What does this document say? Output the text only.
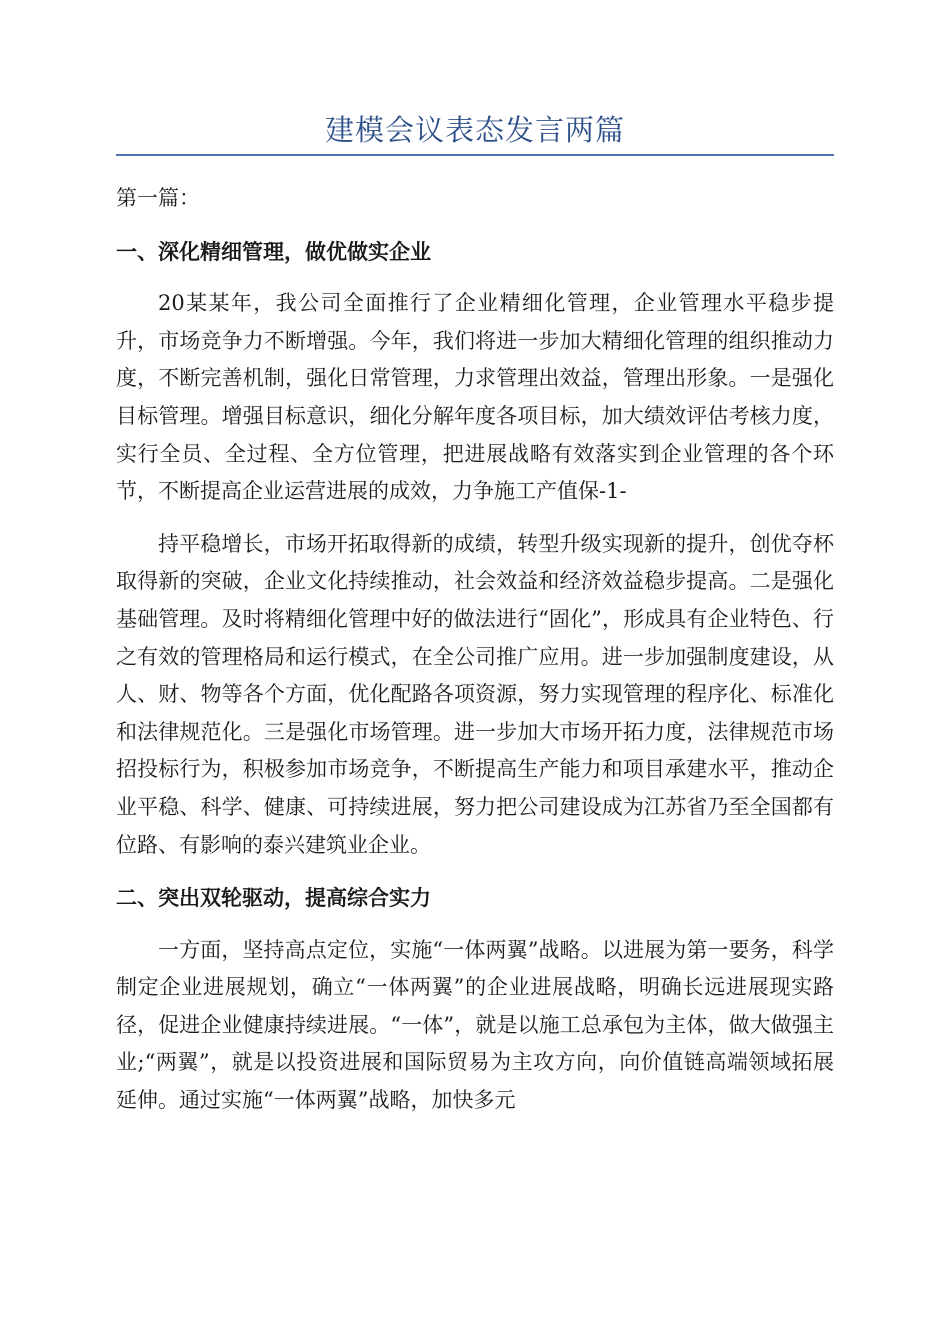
建模会议表态发言两篇

第一篇：

一、深化精细管理，做优做实企业

20某某年，我公司全面推行了企业精细化管理，企业管理水平稳步提升，市场竞争力不断增强。今年，我们将进一步加大精细化管理的组织推动力度，不断完善机制，强化日常管理，力求管理出效益，管理出形象。一是强化目标管理。增强目标意识，细化分解年度各项目标，加大绩效评估考核力度，实行全员、全过程、全方位管理，把进展战略有效落实到企业管理的各个环节，不断提高企业运营进展的成效，力争施工产值保-1-

持平稳增长，市场开拓取得新的成绩，转型升级实现新的提升，创优夺杯取得新的突破，企业文化持续推动，社会效益和经济效益稳步提高。二是强化基础管理。及时将精细化管理中好的做法进行“固化”，形成具有企业特色、行之有效的管理格局和运行模式，在全公司推广应用。进一步加强制度建设，从人、财、物等各个方面，优化配路各项资源，努力实现管理的程序化、标准化和法律规范化。三是强化市场管理。进一步加大市场开拓力度，法律规范市场招投标行为，积极参加市场竞争，不断提高生产能力和项目承建水平，推动企业平稳、科学、健康、可持续进展，努力把公司建设成为江苏省乃至全国都有位路、有影响的泰兴建筑业企业。

二、突出双轮驱动，提高综合实力

一方面，坚持高点定位，实施“一体两翼”战略。以进展为第一要务，科学制定企业进展规划，确立“一体两翼”的企业进展战略，明确长远进展现实路径，促进企业健康持续进展。“一体”，就是以施工总承包为主体，做大做强主业;“两翼”，就是以投资进展和国际贸易为主攻方向，向价值链高端领域拓展延伸。通过实施“一体两翼”战略，加快多元
